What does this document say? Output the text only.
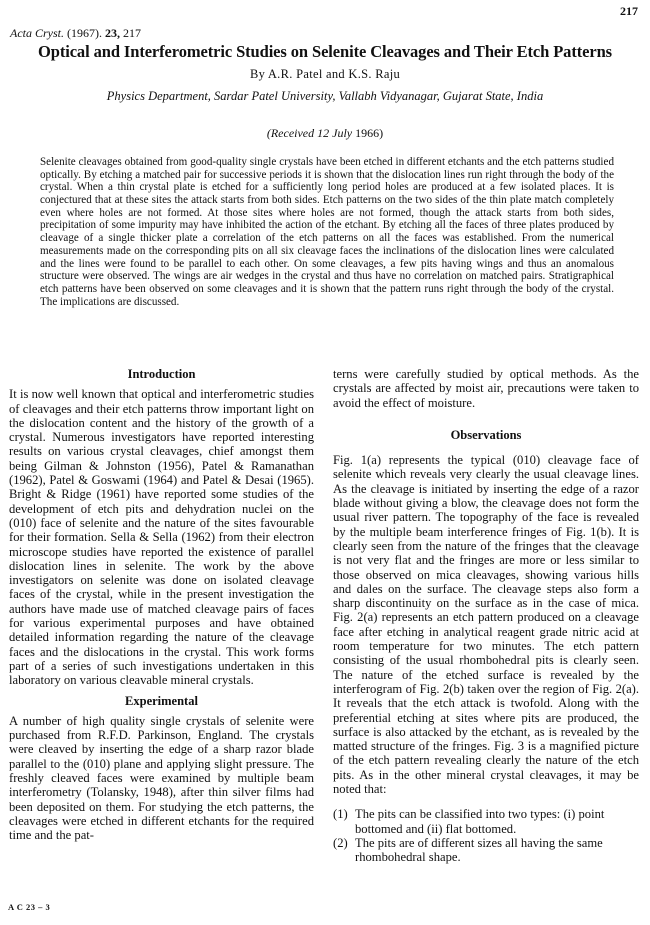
217
Acta Cryst. (1967). 23, 217
Optical and Interferometric Studies on Selenite Cleavages and Their Etch Patterns
By A.R. Patel and K.S. Raju
Physics Department, Sardar Patel University, Vallabh Vidyanagar, Gujarat State, India
(Received 12 July 1966)

Selenite cleavages obtained from good-quality single crystals have been etched in different etchants and the etch patterns studied optically. By etching a matched pair for successive periods it is shown that the dislocation lines run right through the body of the crystal. When a thin crystal plate is etched for a sufficiently long period holes are produced at a few isolated places. It is conjectured that at these sites the attack starts from both sides. Etch patterns on the two sides of the thin plate match completely even where holes are not formed. At those sites where holes are not formed, though the attack starts from both sides, precipitation of some impurity may have inhibited the action of the etchant. By etching all the faces of three plates produced by cleavage of a single thicker plate a correlation of the etch patterns on all the faces was established. From the numerical measurements made on the corresponding pits on all six cleavage faces the inclinations of the dislocation lines were calculated and the lines were found to be parallel to each other. On some cleavages, a few pits having wings and thus an anomalous structure were observed. The wings are air wedges in the crystal and thus have no correlation on matched pairs. Stratigraphical etch patterns have been observed on some cleavages and it is shown that the pattern runs right through the body of the crystal. The implications are discussed.

Introduction

It is now well known that optical and interferometric studies of cleavages and their etch patterns throw important light on the dislocation content and the history of the growth of a crystal. Numerous investigators have reported interesting results on various crystal cleavages, chief amongst them being Gilman & Johnston (1956), Patel & Ramanathan (1962), Patel & Goswami (1964) and Patel & Desai (1965). Bright & Ridge (1961) have reported some studies of the development of etch pits and dehydration nuclei on the (010) face of selenite and the nature of the sites favourable for their formation. Sella & Sella (1962) from their electron microscope studies have reported the existence of parallel dislocation lines in selenite. The work by the above investigators on selenite was done on isolated cleavage faces of the crystal, while in the present investigation the authors have made use of matched cleavage pairs of faces for various experimental purposes and have obtained detailed information regarding the nature of the cleavage faces and the dislocations in the crystal. This work forms part of a series of such investigations undertaken in this laboratory on various cleavable mineral crystals.

Experimental

A number of high quality single crystals of selenite were purchased from R.F.D. Parkinson, England. The crystals were cleaved by inserting the edge of a sharp razor blade parallel to the (010) plane and applying slight pressure. The freshly cleaved faces were examined by multiple beam interferometry (Tolansky, 1948), after thin silver films had been deposited on them. For studying the etch patterns, the cleavages were etched in different etchants for the required time and the pat-

terns were carefully studied by optical methods. As the crystals are affected by moist air, precautions were taken to avoid the effect of moisture.

Observations

Fig. 1(a) represents the typical (010) cleavage face of selenite which reveals very clearly the usual cleavage lines. As the cleavage is initiated by inserting the edge of a razor blade without giving a blow, the cleavage does not form the usual river pattern. The topography of the face is revealed by the multiple beam interference fringes of Fig. 1(b). It is clearly seen from the nature of the fringes that the cleavage is not very flat and the fringes are more or less similar to those observed on mica cleavages, showing various hills and dales on the surface. The cleavage steps also form a sharp discontinuity on the surface as in the case of mica. Fig. 2(a) represents an etch pattern produced on a cleavage face after etching in analytical reagent grade nitric acid at room temperature for two minutes. The etch pattern consisting of the usual rhombohedral pits is clearly seen. The nature of the etched surface is revealed by the interferogram of Fig. 2(b) taken over the region of Fig. 2(a). It reveals that the etch attack is twofold. Along with the preferential etching at sites where pits are produced, the surface is also attacked by the etchant, as is revealed by the matted structure of the fringes. Fig. 3 is a magnified picture of the etch pattern revealing clearly the nature of the etch pits. As in the other mineral crystal cleavages, it may be noted that:

(1) The pits can be classified into two types: (i) point bottomed and (ii) flat bottomed.
(2) The pits are of different sizes all having the same rhombohedral shape.
A C 23 – 3
